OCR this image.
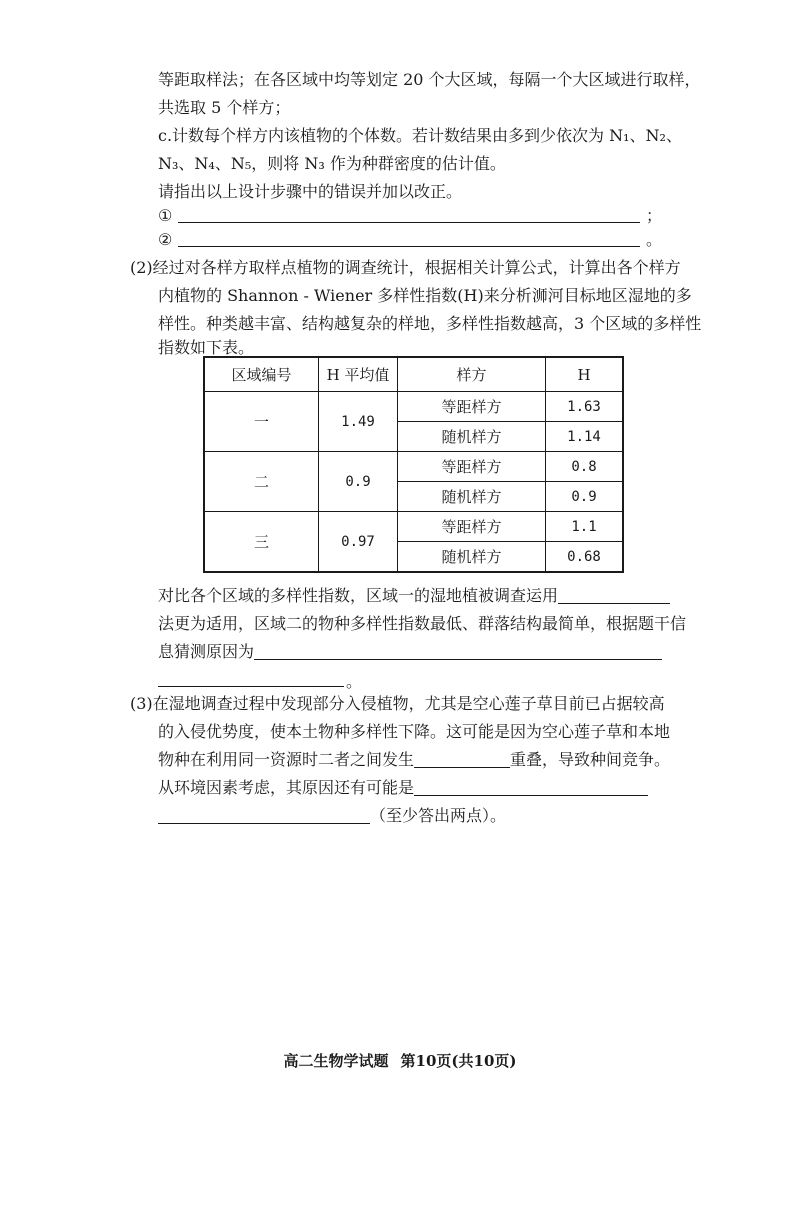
等距取样法；在各区域中均等划定 20 个大区域，每隔一个大区域进行取样，
共选取 5 个样方；
c.计数每个样方内该植物的个体数。若计数结果由多到少依次为 N₁、N₂、
N₃、N₄、N₅，则将 N₃ 作为种群密度的估计值。
请指出以上设计步骤中的错误并加以改正。
①	；
②	。
(2)经过对各样方取样点植物的调查统计，根据相关计算公式，计算出各个样方
内植物的 Shannon - Wiener 多样性指数(H)来分析浉河目标地区湿地的多
样性。种类越丰富、结构越复杂的样地，多样性指数越高，3 个区域的多样性
指数如下表。
区域编号	H 平均值	样方	H
一	1.49	等距样方	1.63
		随机样方	1.14
二	0.9	等距样方	0.8
		随机样方	0.9
三	0.97	等距样方	1.1
		随机样方	0.68
对比各个区域的多样性指数，区域一的湿地植被调查运用
法更为适用，区域二的物种多样性指数最低、群落结构最简单，根据题干信
息猜测原因为
。
(3)在湿地调查过程中发现部分入侵植物，尤其是空心莲子草目前已占据较高
的入侵优势度，使本土物种多样性下降。这可能是因为空心莲子草和本地
物种在利用同一资源时二者之间发生	重叠，导致种间竞争。
从环境因素考虑，其原因还有可能是
（至少答出两点）。
高二生物学试题 第10页(共10页)
